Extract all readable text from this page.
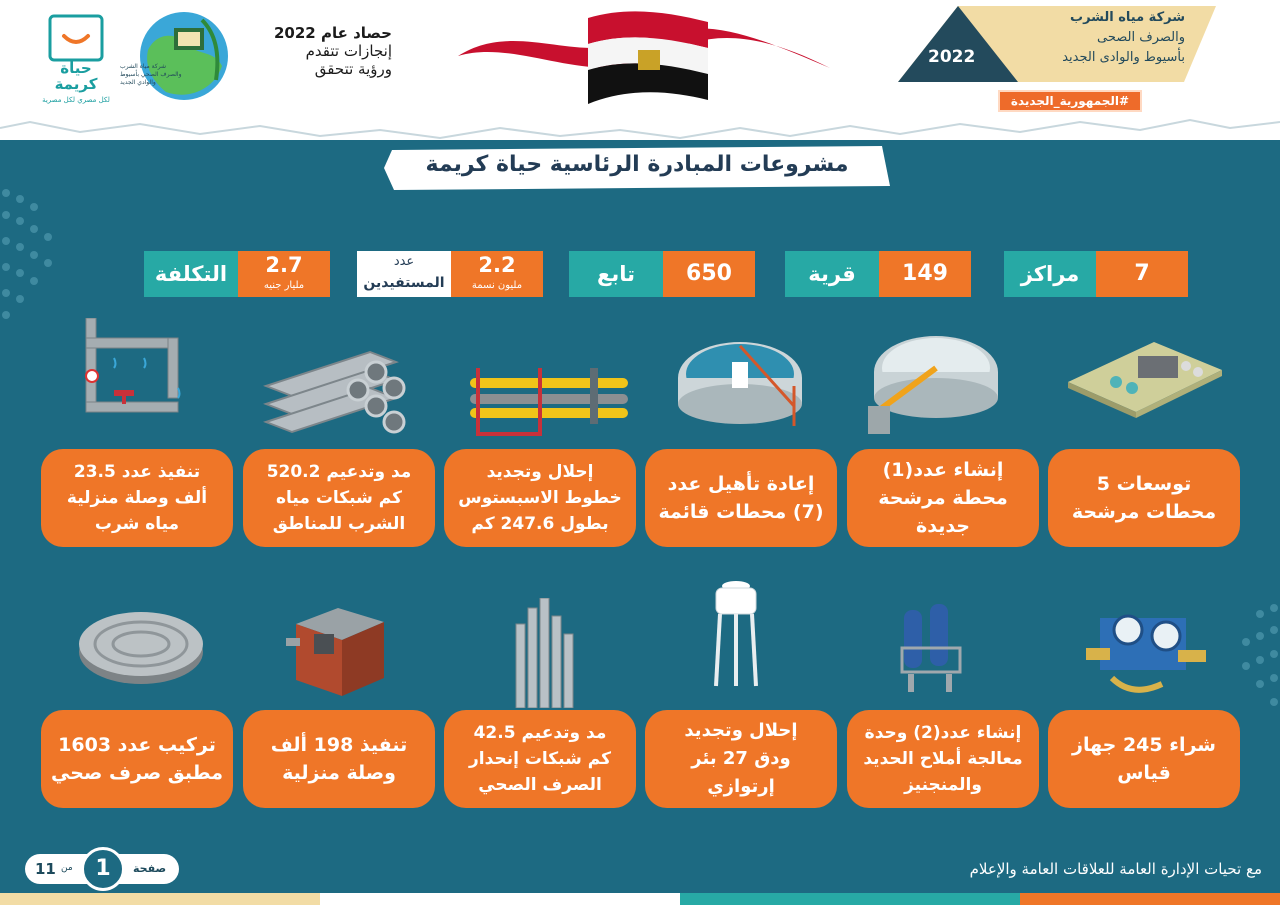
شركة مياه الشرب
والصرف الصحى
بأسيوط والوادى الجديد
2022
#الجمهورية_الجديدة
حصاد عام 2022
إنجازات تتقدم
ورؤية تتحقق
شركة مياه الشرب
والصرف الصحي بأسيوط
والوادي الجديد
حياة
كريمة
لكل مصري لكل مصرية
مشروعات المبادرة الرئاسية حياة كريمة
7
مراكز
149
قرية
650
تابع
2.2
مليون نسمة
عدد
المستفيدين
2.7
مليار جنيه
التكلفة
توسعات 5
محطات مرشحة
إنشاء عدد(1)
محطة مرشحة
جديدة
إعادة تأهيل عدد
(7) محطات قائمة
إحلال وتجديد
خطوط الاسبستوس
بطول 247.6 كم
مد وتدعيم 520.2
كم شبكات مياه
الشرب للمناطق
تنفيذ عدد 23.5
ألف وصلة منزلية
مياه شرب
شراء 245 جهاز
قياس
إنشاء عدد(2) وحدة
معالجة أملاح الحديد
والمنجنيز
إحلال وتجديد
ودق 27 بئر إرتوازي
مد وتدعيم 42.5
كم شبكات إنحدار
الصرف الصحي
تنفيذ 198 ألف
وصلة منزلية
تركيب عدد 1603
مطبق صرف صحي
مع تحيات الإدارة العامة للعلاقات العامة والإعلام
11 من	1	صفحة
